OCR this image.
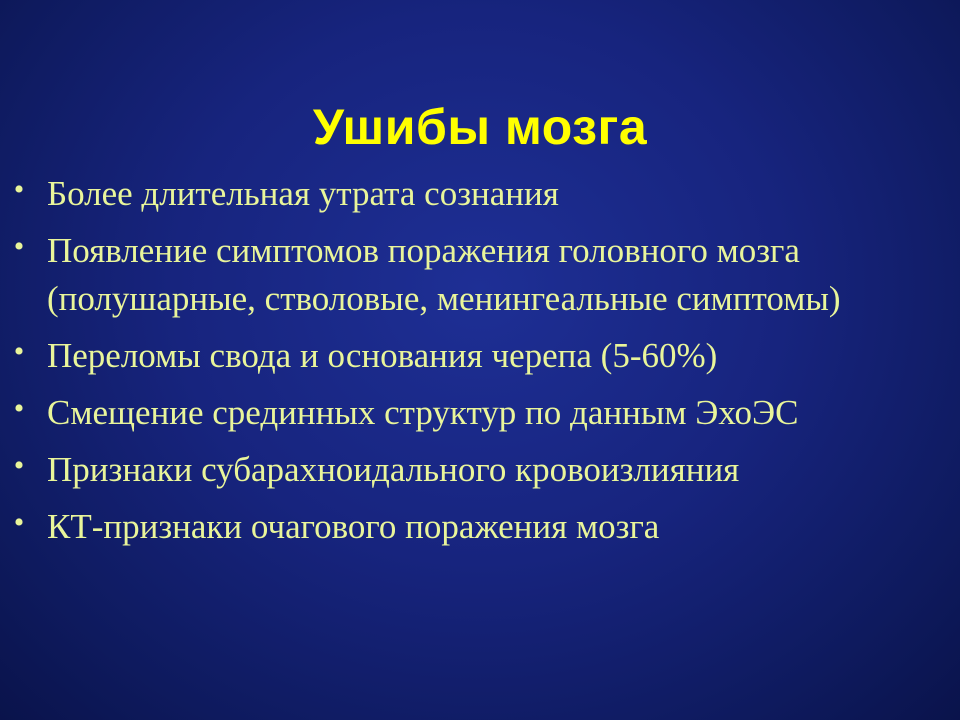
Ушибы мозга
• Более длительная утрата сознания
• Появление симптомов поражения головного мозга (полушарные, стволовые, менингеальные симптомы)
• Переломы свода и основания черепа (5-60%)
• Смещение срединных структур по данным ЭхоЭС
• Признаки субарахноидального кровоизлияния
• КТ-признаки очагового поражения мозга
